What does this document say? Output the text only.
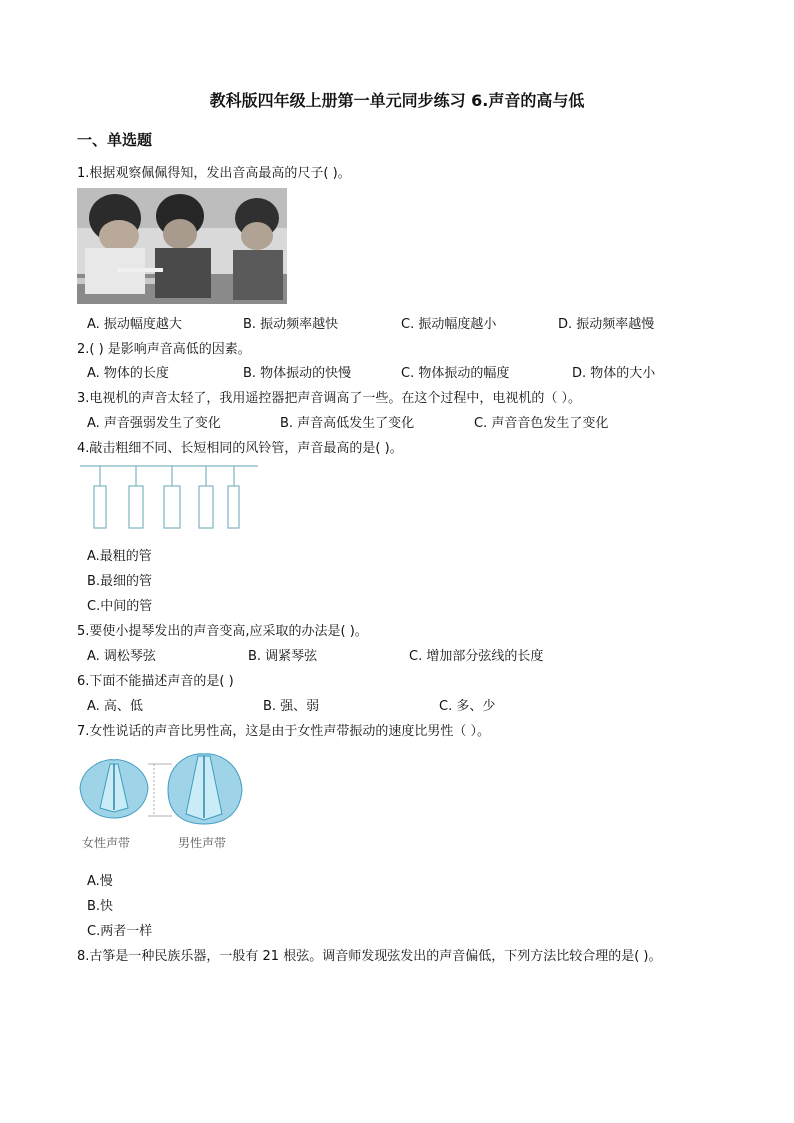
教科版四年级上册第一单元同步练习 6.声音的高与低
一、单选题
1.根据观察佩佩得知，发出音高最高的尺子( )。
A. 振动幅度越大	B. 振动频率越快	C. 振动幅度越小	D. 振动频率越慢
2.( ) 是影响声音高低的因素。
A. 物体的长度	B. 物体振动的快慢	C. 物体振动的幅度	D. 物体的大小
3.电视机的声音太轻了，我用遥控器把声音调高了一些。在这个过程中，电视机的（ ）。
A. 声音强弱发生了变化	B. 声音高低发生了变化	C. 声音音色发生了变化
4.敲击粗细不同、长短相同的风铃管，声音最高的是( )。
A.最粗的管
B.最细的管
C.中间的管
5.要使小提琴发出的声音变高,应采取的办法是( )。
A. 调松琴弦	B. 调紧琴弦	C. 增加部分弦线的长度
6.下面不能描述声音的是( )
A. 高、低	B. 强、弱	C. 多、少
7.女性说话的声音比男性高，这是由于女性声带振动的速度比男性（ ）。
女性声带	男性声带
A.慢
B.快
C.两者一样
8.古筝是一种民族乐器，一般有 21 根弦。调音师发现弦发出的声音偏低，下列方法比较合理的是( )。
